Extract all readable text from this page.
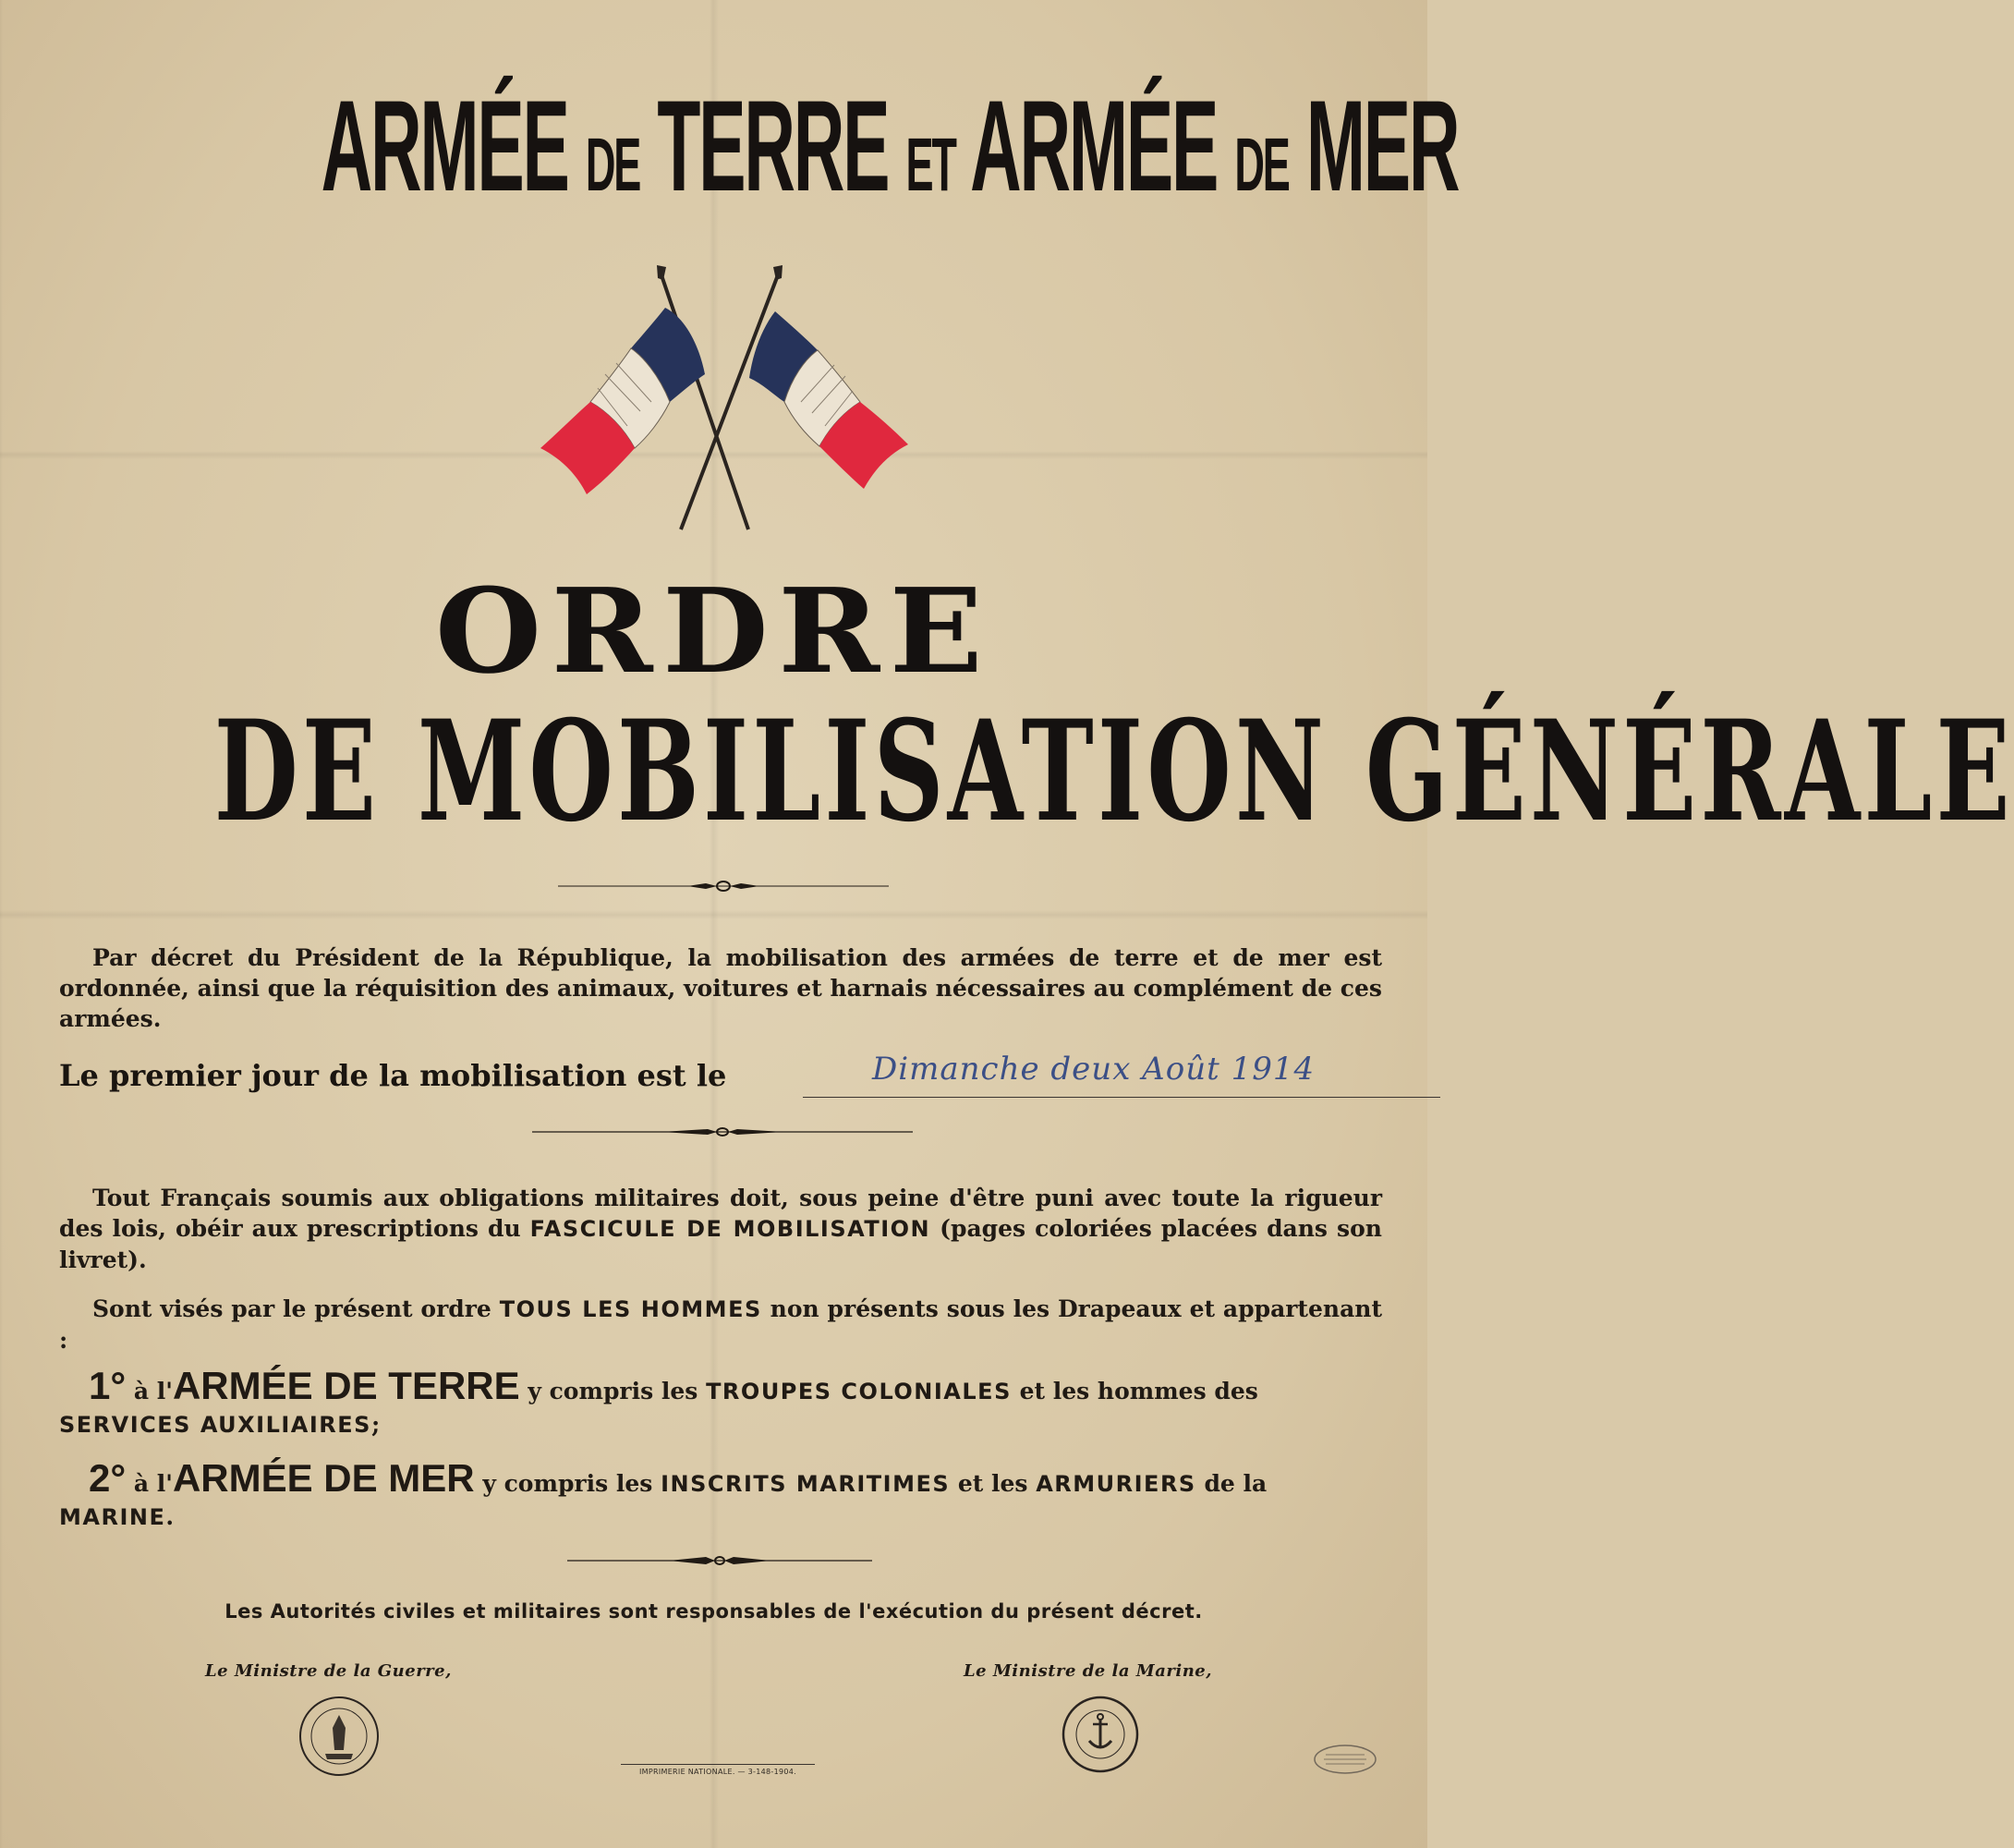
ARMÉE DE TERRE ET ARMÉE DE MER
ORDRE
DE MOBILISATION GÉNÉRALE
Par décret du Président de la République, la mobilisation des armées de terre et de mer est ordonnée, ainsi que la réquisition des animaux, voitures et harnais nécessaires au complément de ces armées.
Le premier jour de la mobilisation est le	Dimanche deux Août 1914
Tout Français soumis aux obligations militaires doit, sous peine d'être puni avec toute la rigueur des lois, obéir aux prescriptions du FASCICULE DE MOBILISATION (pages coloriées placées dans son livret).
Sont visés par le présent ordre TOUS LES HOMMES non présents sous les Drapeaux et appartenant :
1° à l'ARMÉE DE TERRE y compris les TROUPES COLONIALES et les hommes des SERVICES AUXILIAIRES;
2° à l'ARMÉE DE MER y compris les INSCRITS MARITIMES et les ARMURIERS de la MARINE.
Les Autorités civiles et militaires sont responsables de l'exécution du présent décret.
Le Ministre de la Guerre,	Le Ministre de la Marine,
IMPRIMERIE NATIONALE. — 3-148-1904.
